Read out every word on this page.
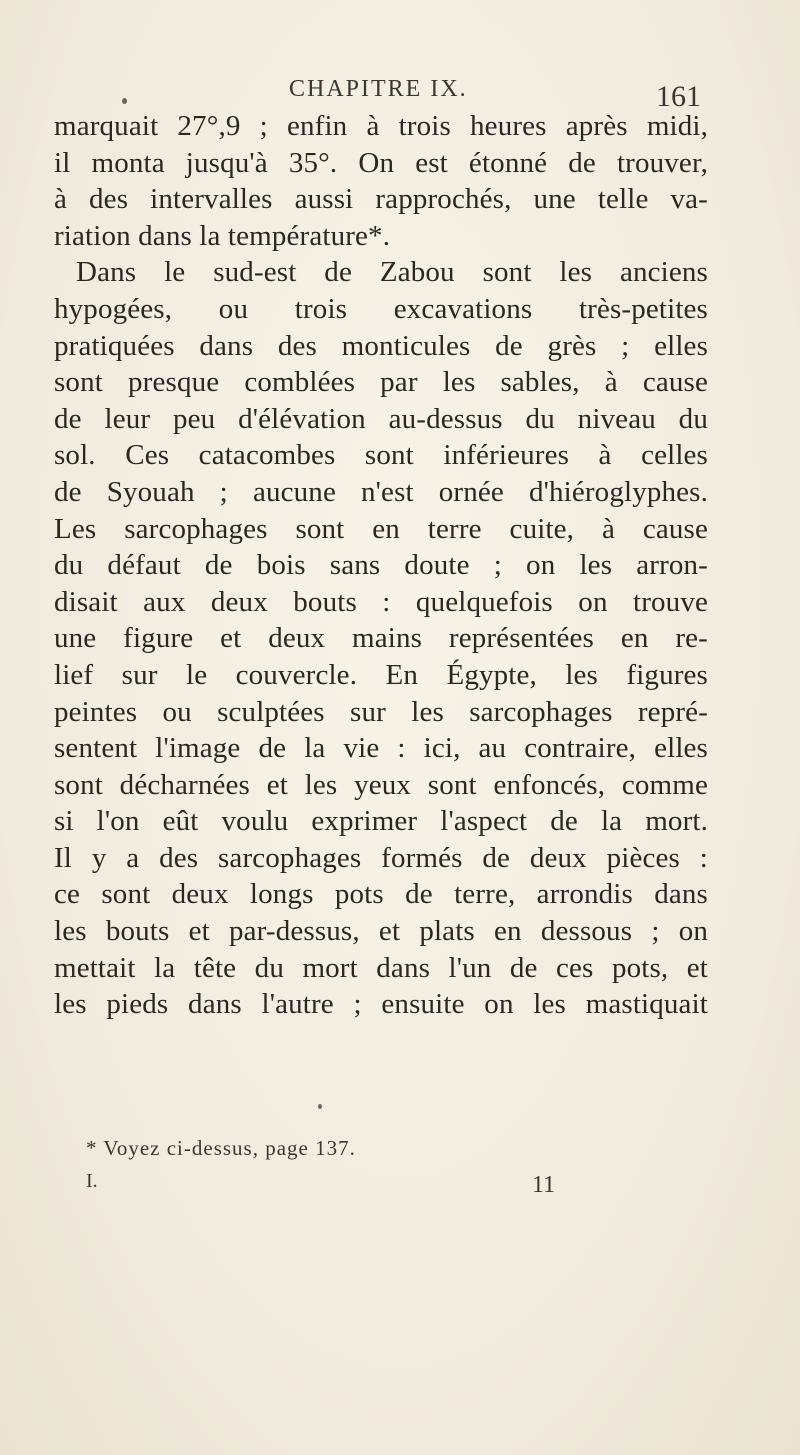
CHAPITRE IX.	161
marquait 27°,9 ; enfin à trois heures après midi,
il monta jusqu'à 35°. On est étonné de trouver,
à des intervalles aussi rapprochés, une telle va-
riation dans la température*.
Dans le sud-est de Zabou sont les anciens
hypogées, ou trois excavations très-petites
pratiquées dans des monticules de grès ; elles
sont presque comblées par les sables, à cause
de leur peu d'élévation au-dessus du niveau du
sol. Ces catacombes sont inférieures à celles
de Syouah ; aucune n'est ornée d'hiéroglyphes.
Les sarcophages sont en terre cuite, à cause
du défaut de bois sans doute ; on les arron-
disait aux deux bouts : quelquefois on trouve
une figure et deux mains représentées en re-
lief sur le couvercle. En Égypte, les figures
peintes ou sculptées sur les sarcophages repré-
sentent l'image de la vie : ici, au contraire, elles
sont décharnées et les yeux sont enfoncés, comme
si l'on eût voulu exprimer l'aspect de la mort.
Il y a des sarcophages formés de deux pièces :
ce sont deux longs pots de terre, arrondis dans
les bouts et par-dessus, et plats en dessous ; on
mettait la tête du mort dans l'un de ces pots, et
les pieds dans l'autre ; ensuite on les mastiquait
* Voyez ci-dessus, page 137.
I.	11
